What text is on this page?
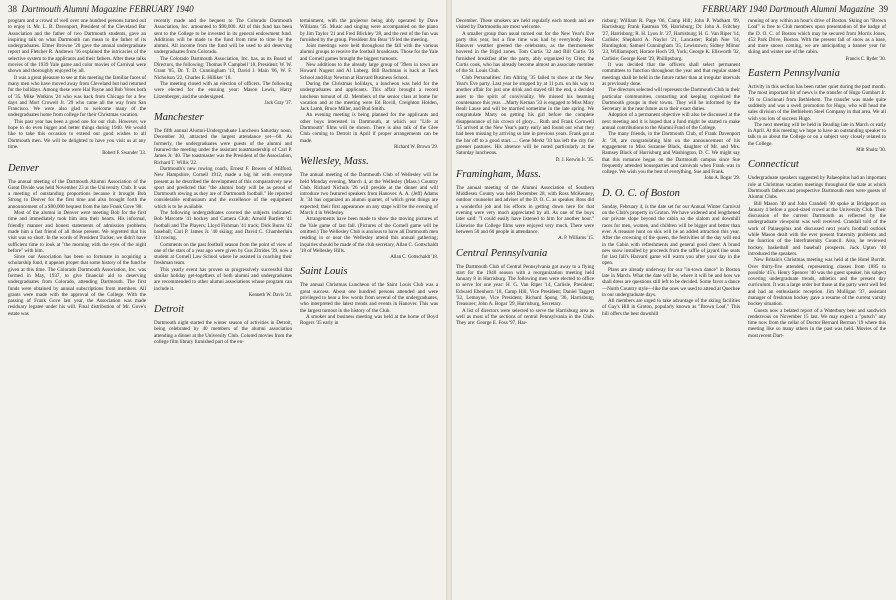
38 Dartmouth Alumni Magazine FEBRUARY 1940

program and a crowd of well over one hundred persons turned out to enjoy it. Mr. L. B. Davenport, President of the Cleveland Bar Association and the father of two Dartmouth students, gave an inspiring talk on what Dartmouth can mean to the father of its undergraduates. Elmer Browne '20 gave the annual undergraduate report and Fletcher R. Andrews '16 explained the intricacies of the selective system to the applicants and their fathers. After these talks movies of the 1939 Yale game and color movies of Carnival were shown and thoroughly enjoyed by all.

It was a great pleasure to see at this meeting the familiar faces of many men who have moved away from Cleveland but had returned for the holidays. Among these were Hal Payne and Bob Veres both of '35. Mike Watkins '24 who was back from Chicago for a few days and Mort Crowell Jr. '29 who came all the way from San Francisco. We were also glad to welcome many of the undergraduates home from college for their Christmas vacation.

This past year has been a good one for our club. However, we hope to do even bigger and better things during 1940. We would like to take this occasion to extend our good wishes to all Dartmouth men. We will be delighted to have you visit us at any time.

Robert F. Swander '33.
Denver

The annual meeting of the Dartmouth Alumni Association of the Great Divide was held November 23 at the University Club. It was a meeting of outstanding proportions because it brought Bob Strong to Denver for the first time and also brought forth the announcement of a $90,000 bequest from the late Frank Gove '88.

Most of the alumni in Denver were meeting Bob for the first time and immediately took him into their hearts. His informal, friendly manner and honest statements of admission problems made him a fast friend of all those present. We regretted that his visit was so short. In the words of President Tucker, we didn't have sufficient time to look at "the morning with the eyes of the night before" with him.

Since our Association has been so fortunate in acquiring a scholarship fund, it appears proper that some history of the fund be given at this time. The Colorado Dartmouth Association, Inc. was formed in May, 1937, to give financial aid to deserving undergraduates from Colorado, attending Dartmouth. The first funds were obtained by annual subscriptions from members. All grants were made with the approval of the College. With the passing of Frank Gove last year, the Association was made residuary legatee under his will. Final distribution of Mr. Gove's estate was

recently made and the bequest to The Colorado Dartmouth Association, Inc. amounted to $90,000. All of this fund has been sent to the College to be invested in its general endowment fund. Additions will be made to the fund from time to time by the alumni. All income from the fund will be used to aid deserving undergraduates from Colorado.

The Colorado Dartmouth Association, Inc. has, as its Board of Directors, the following: Thomas P. Campbell '18, President; W. W. Grant '05, Dr. T. D. Cunningham '13, David J. Main '06, W. F. Nicholson '22, Charles E. Hilliker '18.

The meeting closed with an election of officers. The following were elected for the ensuing year: Mason Lewis, Harry Litzenberger, and the undersigned.

Jack Gray '37.
Manchester

The fifth annual Alumni-Undergraduate Luncheon Saturday noon, December 30, attracted the largest attendance yet—68. As formerly, the undergraduates were guests of the alumni and featured the meeting under the assistant toastmastership of Carl P. James Jr. '40. The toastmaster was the President of the Association, Richard T. Willis '22.

Dartmouth's new rowing coach, Ernest F. Bowen of Milford, New Hampshire, Cornell 1912, made a big hit with everyone present as he described the development of this comparatively new sport and predicted that "the alumni body will be as proud of Dartmouth rowing as they are of Dartmouth football." He reported considerable enthusiasm and the excellence of the equipment which is to be available.

The following undergraduates covered the subjects indicated: Bob Marcotte '41 hockey and Camera Club; Arnold Bartlett '41 football and The Players; Lloyd Fishman '41 track; Dick Burns '42 baseball; Carl P. James Jr. '40 skiing; and David C. Chamberlain '43 rowing.

Comments on the past football season from the point of view of one of the stars of a year ago were given by Gus Zitrides '39, now a student at Cornell Law School where he assisted in coaching their freshman team.

This yearly event has proven so progressively successful that similar holiday get-togethers of both alumni and undergraduates are recommended to other alumni associations whose program can include it.

Kenneth W. Davis '24.
Detroit

Dartmouth night started the winter season of activities in Detroit, being celebrated by 40 members of the alumni association attending a dinner at the University Club. Colored movies from the college film library furnished part of the en-

tertainment, with the projector being ably operated by Dave Williams '35. Music and singing were accompanied on the piano by Jim Taylor '21 and Fred Blickley '28, and the rest of the fun was furnished by the group. President Jim Bear '19 led the meeting.

Joint meetings were held throughout the fall with the various alumni groups to receive the football broadcasts. Those for the Yale and Cornell games brought the biggest turnouts.

New additions to the already large group of '39ers in town are Howard Nugent and Al Loberg. Bill Bachman is back at Tuck School and Ray Newton at Harvard Business School.

During the Christmas holidays, a luncheon was held for the undergraduates and applicants. This affair brought a record luncheon turnout of 42. Members of the senior class at home for vacation and at the meeting were Ed Bovill, Creighton Holden, Jack Lamb, Bruce Miller, and Bud Smith.

An evening meeting is being planned for the applicants and other boys interested in Dartmouth, at which our "Life at Dartmouth" films will be shown. There is also talk of the Glee Club coming to Detroit in April if proper arrangements can be made.

Richard W. Brown '29.
Wellesley, Mass.

The annual meeting of the Dartmouth Club of Wellesley will be held Monday evening, March 4, at the Wellesley (Mass.) Country Club. Richard Nichols '26 will preside at the dinner and will introduce two featured speakers from Hanover. A. A. (Jeff) Adams Jr. '34 has organized an alumni quartet, of which great things are expected; their first appearance on any stage will be the evening of March 4 in Wellesley.

Arrangements have been made to show the moving pictures of the Yale game of last fall. (Pictures of the Cornell game will be omitted.) The Wellesley Club is anxious to have all Dartmouth men residing in or near the Wellesley attend this annual gathering; inquiries should be made of the club secretary, Allan C. Gottschaldt '18 of Wellesley Hills.

Allan C. Gottschaldt '18.
Saint Louis

The annual Christmas Luncheon of the Saint Louis Club was a great success. About one hundred persons attended and were privileged to hear a few words from several of the undergraduates, who interpreted the latest trends and events in Hanover. This was the largest turnout in the history of the Club.

A smoker and business meeting was held at the home of Boyd Rogers '35 early in

FEBRUARY 1940 Dartmouth Alumni Magazine 39

December. These smokers are held regularly each month and are visited by Dartmouths are most welcome.

A smaller group than usual turned out for the New Year's Eve party this year, but a fine time was had by everybody. Real Hanover weather greeted the celebrants, as the thermometer hovered in the frigid zones. Tom Curtis '32 and Bill Curtis '36 furnished breakfast after the party, ably organized by Clint; the Curtis cook, who has already become almost an associate member of the St. Louis Club.

Club Personalities: Jim Allring '35 failed to show at the New Year's Eve party. Last year he stopped by at 11 p.m. on his way to another affair for just one drink and stayed till the end, a decided asset to the spirit of conviviality. We missed his beaming countenance this year. ...Marty Kernan '33 is engaged to Miss Mary Beall Lause and will be married sometime in the late spring. We congratulate Marty on getting his girl before the complete disappearance of his crown of glory.... Ruth and Frank Cornwell '35 arrived at the New Year's party early and found out what they had been missing by arriving so late in previous years. Frank got at the bar off to a good start...... Gene Merkt '33 has left the city for greener pastures. His absence will be noted particularly at the Saturday luncheons.

D. J. Kerwin Jr. '35.
Framingham, Mass.

The annual meeting of the Alumni Association of Southern Middlesex County was held December 28, with Ross McKenney, outdoor counselor and adviser of the D. O. C. as speaker. Ross did a wonderful job and his efforts in getting down here for that evening were very much appreciated by all. As one of the boys later said: "I could easily have listened to him for another hour." Likewise the College films were enjoyed very much. There were between 50 and 60 people in attendance.

A. P. Williams '15.
Central Pennsylvania

The Dartmouth Club of Central Pennsylvania got away to a flying start for the 1940 season with a reorganization meeting held January 8 in Harrisburg. The following men were elected to office to serve for one year: H. G. Van Riper '14, Carlisle, President; Edward Ebenhorn '18, Camp Hill, Vice President; Daniel Taggert '32, Lemoyne, Vice President; Richard Spong '36, Harrisburg, Treasurer; John A. Bogar '29, Harrisburg, Secretary.

A list of directors were selected to serve the Harrisburg area as well as most of the sections of central Pennsylvania in the Club. They are: George E. Foss '97, Har-

risburg; William R. Page '06, Camp Hill; John P. Wadham '09, Harrisburg; Frank Eastman '06, Harrisburg; Dr. John A. Fritchey '27, Harrisburg; R. H. Lyon Jr. '27, Harrisburg; H. G. Van Riper '14, Carlisle; Shephard A. Naylor '21, Lancaster; Ralph Noe '14, Huntingdon; Samuel Cunningham '35, Lewistown; Sidney Milnor '23, Williamsport; Horace Hoch '29, York; George K. Ellsworth '32, Carlisle; George Kent '39, Phillipsburg.

It was decided that the officers shall select permanent committees to function throughout the year and that regular stated meetings shall be held in the future rather than at irregular intervals as previously done.

The directors selected will represent the Dartmouth Club in their particular communities, contacting and keeping cogenized the Dartmouth groups in their towns. They will be informed by the Secretary in the near future as to their exact duties.

Adoption of a permanent objective will also be discussed at the next meeting and it is hoped that a fund might be started to make annual contributions to the Alumni Fund of the College.

The many friends, in the Dartmouth Club, of Frank Davenport Jr. '38, are congratulating him on the announcement of his engagement to Miss Suzanne Black, daughter of Mr. and Mrs. Ramsey Black of Harrisburg and Washington, D. C. We might say that this romance began on the Dartmouth campus since Sue frequently attended houseparties and carnivals when Frank was in college. We wish you the best of everything, Sue and Frank.

John A. Bogar '29.
D. O. C. of Boston

Sunday, February 4, is the date set for our Annual Winter Carnival on the Club's property in Groton. We have widened and lengthened our private slope beyond the cabin so the slalom and downhill races for men, women, and children will be bigger and better than ever. A treasure hunt on skis will be an added attraction this year. After the crowning of the queen, the festivities of the day will end in the Cabin with refreshments and general good cheer. A brand new snow installed by proceeds from the raffle of jayard line seats for last fall's Harvard game will warm you after your day in the open.

Plans are already underway for our "in-town dance" in Boston late in March. What the date will be, where it will be and how we shall dress are questions still left to be decided. Some favor a dance—North Country style—like the ones we used to attend at Quechee in our undergraduate days.

All members are urged to take advantage of the skiing facilities of Gay's Hill in Groton, popularly known as "Brown Loaf." This hill offers the best downhill

running of any within an hour's drive of Boston. Skiing on "Brown Loaf" is free to Club members upon presentation of the badge of the D. O. C. of Boston which may be secured from Morris Jones, 452 Park Drive, Boston. With the present fall of snow as a base, and more snows coming, we are anticipating a banner year for skiing and winter use of the cabin.

Francis C. Ryder '30.
Eastern Pennsylvania

Activity in this section has been rather quiet during the past month. The most important bit of news is the transfer of Hugo Gumbart Jr. '16 to Cincinnati from Bethlehem. The transfer was made quite suddenly and was a swell promotion for Hugo, who will head the sales division of the Bethlehem Steel Company in that area. We all wish you lots of success Hugo.

The next meeting will be held in Reading late in March or early in April. At this meeting we hope to have an outstanding speaker to talk to us about the College or on a subject very closely related to the College.

Milt Shultz '30.
Connecticut

Undergraduate speakers suggested by Palaeopitus had an important role at Christmas vacation meetings throughout the state at which Dartmouth fathers and prospective Dartmouth men were guests of Alumni Clubs.

Bill Mason '40 and John Crandell '40 spoke at Bridgeport on January 4 before a good-sized crowd at the University Club. Their discussion of the current Dartmouth as reflected by the undergraduate viewpoint was well received. Crandall told of the work of Palaeopitus and discussed next year's football outlook while Mason dealt with the ever present fraternity problems and the function of the Interfraternity Council. Also, he reviewed hockey, basketball and baseball prospects. Jack Upton '40 introduced the speakers.

New Britain's Christmas meeting was held at the Hotel Burritt. Over thirty-five attended, representing classes from 1885 to possible '45's. Henry Spencer '40 was the guest speaker, his subject covering undergraduate trends, athletics and the present day curriculum. It was a large order but those at the party went well fed and had an enthusiastic reception. Jim Mulligan '37, assistant manager of freshman hockey gave a resume of the current varsity hockey situation.

Guests now a belated report of a Waterbury beer and sandwich rendezvous on November 15 last. We may expect a "putsch" any time now from the cellar of Doctor Bernard Berman '19 where this meeting like so many others in the past was held. Movies of the most recent Dart-
